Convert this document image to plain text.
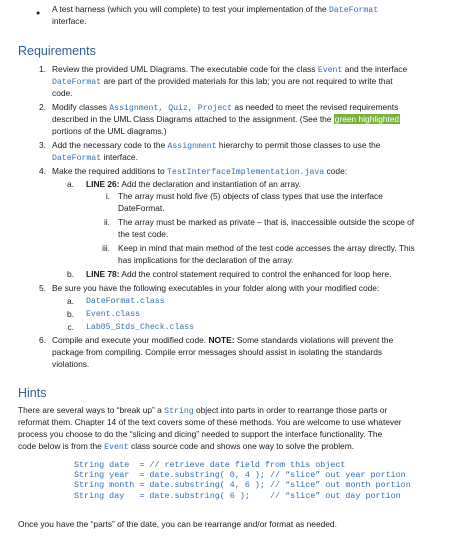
● A test harness (which you will complete) to test your implementation of the DateFormat
interface.
Requirements
1. Review the provided UML Diagrams. The executable code for the class Event and the interface
DateFormat are part of the provided materials for this lab; you are not required to write that
code.
2. Modify classes Assignment, Quiz, Project as needed to meet the revised requirements
described in the UML Class Diagrams attached to the assignment. (See the green highlighted
portions of the UML diagrams.)
3. Add the necessary code to the Assignment hierarchy to permit those classes to use the
DateFormat interface.
4. Make the required additions to TestInterfaceImplementation.java code:
a. LINE 26: Add the declaration and instantiation of an array.
i. The array must hold five (5) objects of class types that use the interface
DateFormat.
ii. The array must be marked as private – that is, inaccessible outside the scope of
the test code.
iii. Keep in mind that main method of the test code accesses the array directly. This
has implications for the declaration of the array.
b. LINE 78: Add the control statement required to control the enhanced for loop here.
5. Be sure you have the following executables in your folder along with your modified code:
a. DateFormat.class
b. Event.class
c. Lab05_Stds_Check.class
6. Compile and execute your modified code. NOTE: Some standards violations will prevent the
package from compiling. Compile error messages should assist in isolating the standards
violations.
Hints
There are several ways to “break up” a String object into parts in order to rearrange those parts or
reformat them. Chapter 14 of the text covers some of these methods. You are welcome to use whatever
process you choose to do the “slicing and dicing” needed to support the interface functionality. The
code below is from the Event class source code and shows one way to solve the problem.
String date  = // retrieve date field from this object
String year  = date.substring( 0, 4 ); // “slice” out year portion
String month = date.substring( 4, 6 ); // “slice” out month portion
String day   = date.substring( 6 );    // “slice” out day portion
Once you have the “parts” of the date, you can be rearrange and/or format as needed.
